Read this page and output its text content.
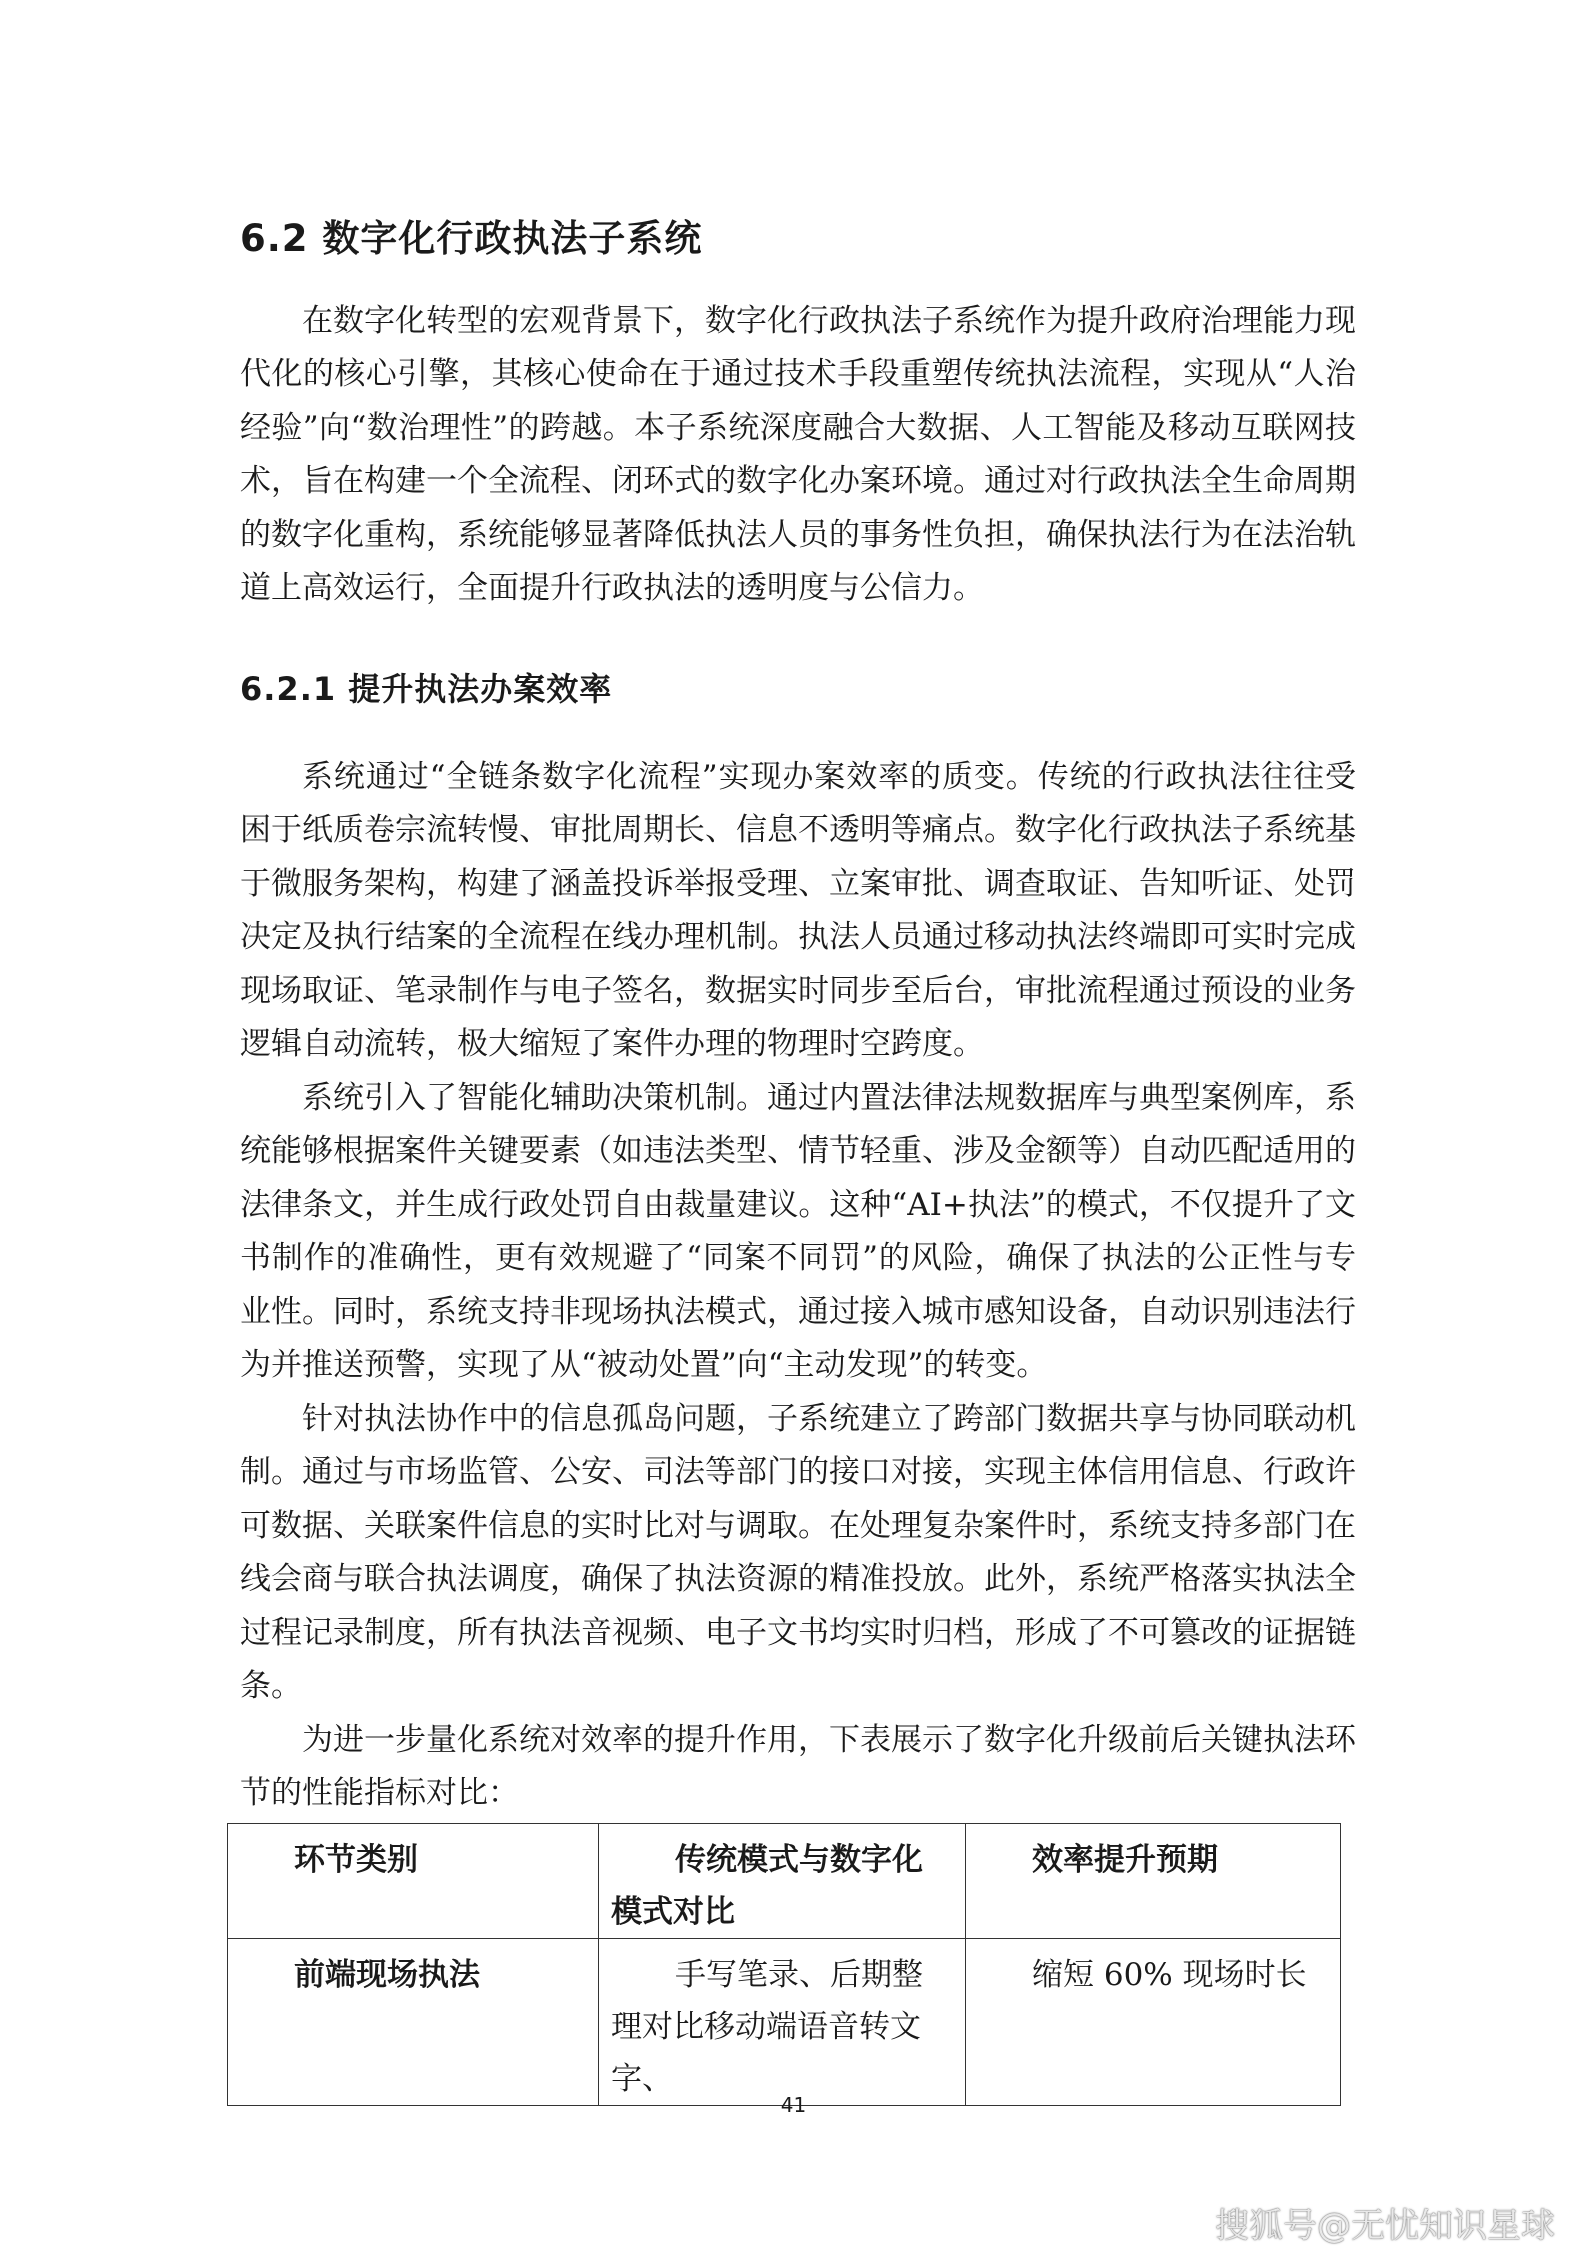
6.2 数字化行政执法子系统

在数字化转型的宏观背景下，数字化行政执法子系统作为提升政府治理能力现代化的核心引擎，其核心使命在于通过技术手段重塑传统执法流程，实现从“人治经验”向“数治理性”的跨越。本子系统深度融合大数据、人工智能及移动互联网技术，旨在构建一个全流程、闭环式的数字化办案环境。通过对行政执法全生命周期的数字化重构，系统能够显著降低执法人员的事务性负担，确保执法行为在法治轨道上高效运行，全面提升行政执法的透明度与公信力。

6.2.1 提升执法办案效率

系统通过“全链条数字化流程”实现办案效率的质变。传统的行政执法往往受困于纸质卷宗流转慢、审批周期长、信息不透明等痛点。数字化行政执法子系统基于微服务架构，构建了涵盖投诉举报受理、立案审批、调查取证、告知听证、处罚决定及执行结案的全流程在线办理机制。执法人员通过移动执法终端即可实时完成现场取证、笔录制作与电子签名，数据实时同步至后台，审批流程通过预设的业务逻辑自动流转，极大缩短了案件办理的物理时空跨度。

系统引入了智能化辅助决策机制。通过内置法律法规数据库与典型案例库，系统能够根据案件关键要素（如违法类型、情节轻重、涉及金额等）自动匹配适用的法律条文，并生成行政处罚自由裁量建议。这种“AI+执法”的模式，不仅提升了文书制作的准确性，更有效规避了“同案不同罚”的风险，确保了执法的公正性与专业性。同时，系统支持非现场执法模式，通过接入城市感知设备，自动识别违法行为并推送预警，实现了从“被动处置”向“主动发现”的转变。

针对执法协作中的信息孤岛问题，子系统建立了跨部门数据共享与协同联动机制。通过与市场监管、公安、司法等部门的接口对接，实现主体信用信息、行政许可数据、关联案件信息的实时比对与调取。在处理复杂案件时，系统支持多部门在线会商与联合执法调度，确保了执法资源的精准投放。此外，系统严格落实执法全过程记录制度，所有执法音视频、电子文书均实时归档，形成了不可篡改的证据链条。

为进一步量化系统对效率的提升作用，下表展示了数字化升级前后关键执法环节的性能指标对比：

环节类别	传统模式与数字化模式对比	效率提升预期
前端现场执法	手写笔录、后期整理对比移动端语音转文字、	缩短 60% 现场时长
41
搜狐号@无忧知识星球
